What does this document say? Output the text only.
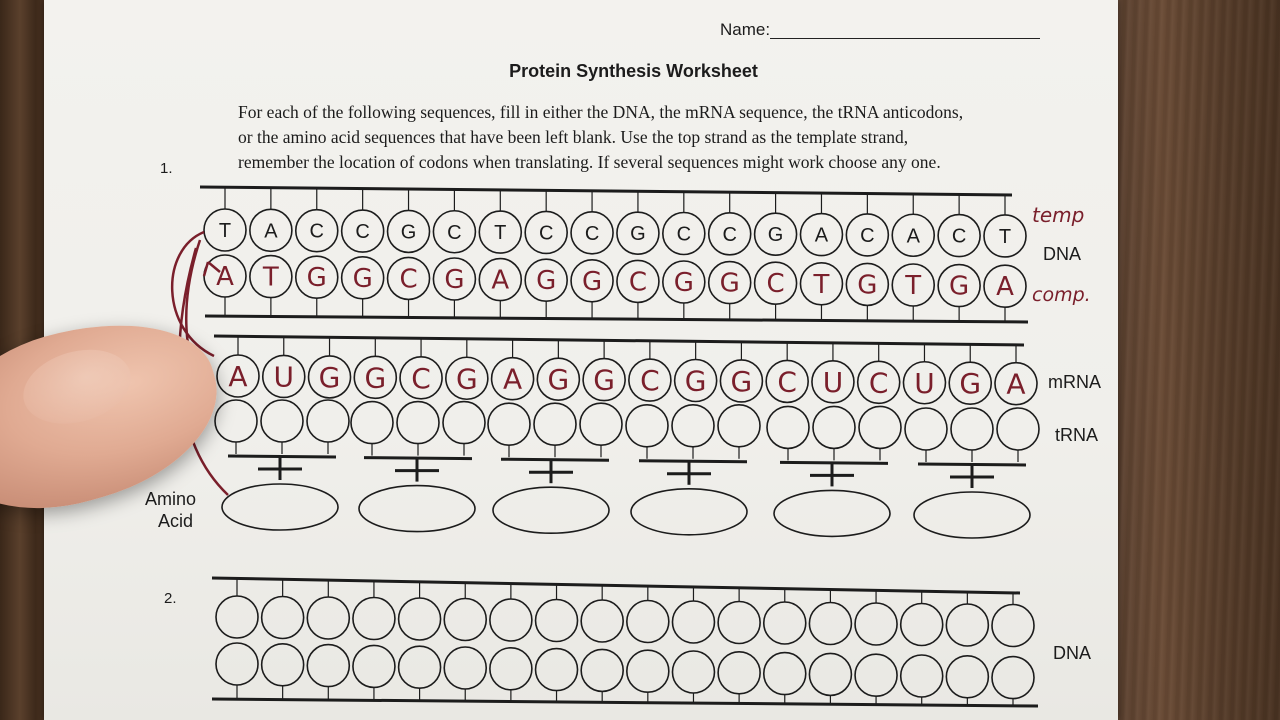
Name:
Protein Synthesis Worksheet
For each of the following sequences, fill in either the DNA, the mRNA sequence, the tRNA anticodons,
or the amino acid sequences that have been left blank. Use the top strand as the template strand,
remember the location of codons when translating. If several sequences might work choose any one.
1.
2.
DNA
mRNA
tRNA
Amino
Acid
DNA
T
A
A
T
C
G
C
G
G
C
C
G
T
A
C
G
C
G
G
C
C
G
C
G
G
C
A
T
C
G
A
T
C
G
T
A
A U G G C G A G G C G G C U C U G A
temp
comp.
